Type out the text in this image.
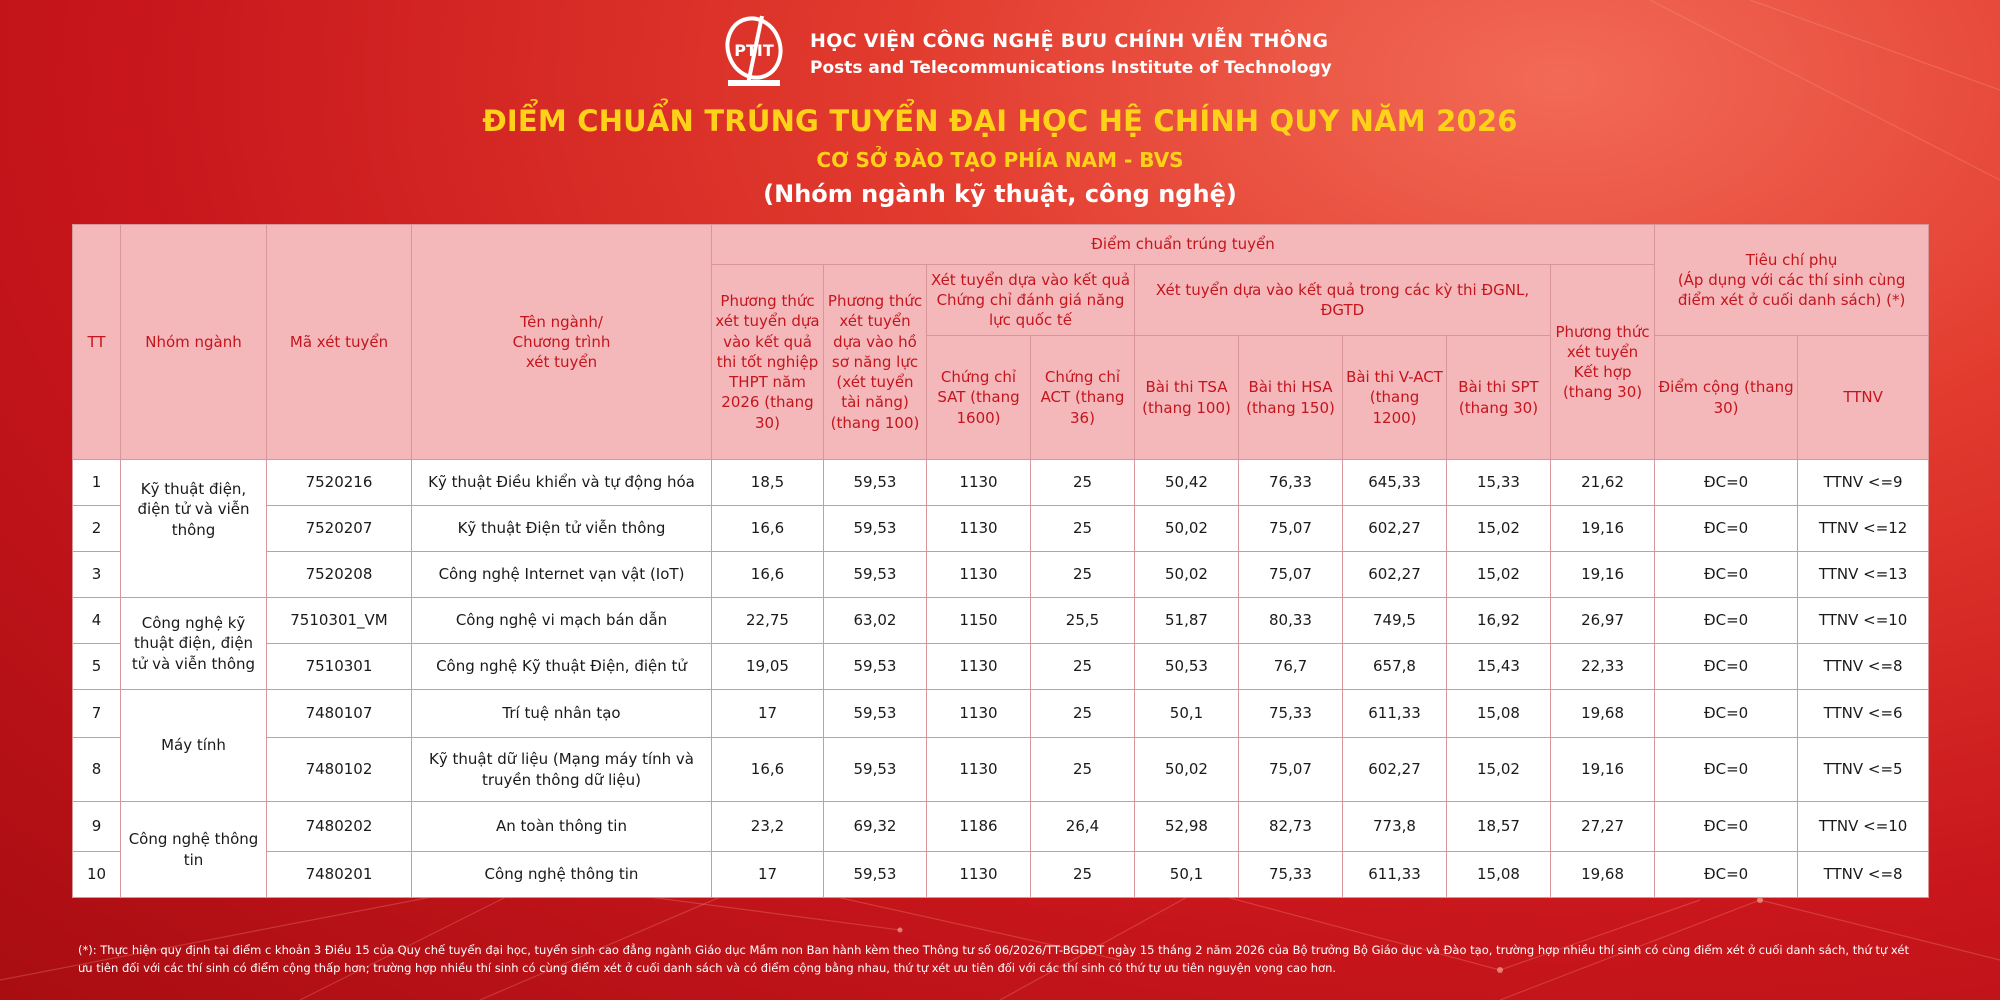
PTIT HỌC VIỆN CÔNG NGHỆ BƯU CHÍNH VIỄN THÔNG
Posts and Telecommunications Institute of Technology
ĐIỂM CHUẨN TRÚNG TUYỂN ĐẠI HỌC HỆ CHÍNH QUY NĂM 2026
CƠ SỞ ĐÀO TẠO PHÍA NAM - BVS
(Nhóm ngành kỹ thuật, công nghệ)
TT	Nhóm ngành	Mã xét tuyển	Tên ngành/
Chương trình
xét tuyển	Điểm chuẩn trúng tuyển									Tiêu chí phụ
(Áp dụng với các thí sinh cùng điểm xét ở cuối danh sách) (*)	
				Phương thức xét tuyển dựa vào kết quả thi tốt nghiệp THPT năm 2026 (thang 30)	Phương thức xét tuyển dựa vào hồ sơ năng lực (xét tuyển tài năng) (thang 100)	Xét tuyển dựa vào kết quả Chứng chỉ đánh giá năng lực quốc tế		Xét tuyển dựa vào kết quả trong các kỳ thi ĐGNL, ĐGTD				Phương thức xét tuyển Kết hợp (thang 30)		
						Chứng chỉ SAT (thang 1600)	Chứng chỉ ACT (thang 36)	Bài thi TSA (thang 100)	Bài thi HSA (thang 150)	Bài thi V-ACT (thang 1200)	Bài thi SPT (thang 30)		Điểm cộng (thang 30)	TTNV
1	Kỹ thuật điện, điện tử và viễn thông	7520216	Kỹ thuật Điều khiển và tự động hóa	18,5	59,53	1130	25	50,42	76,33	645,33	15,33	21,62	ĐC=0	TTNV <=9
2		7520207	Kỹ thuật Điện tử viễn thông	16,6	59,53	1130	25	50,02	75,07	602,27	15,02	19,16	ĐC=0	TTNV <=12
3		7520208	Công nghệ Internet vạn vật (IoT)	16,6	59,53	1130	25	50,02	75,07	602,27	15,02	19,16	ĐC=0	TTNV <=13
4	Công nghệ kỹ thuật điện, điện tử và viễn thông	7510301_VM	Công nghệ vi mạch bán dẫn	22,75	63,02	1150	25,5	51,87	80,33	749,5	16,92	26,97	ĐC=0	TTNV <=10
5		7510301	Công nghệ Kỹ thuật Điện, điện tử	19,05	59,53	1130	25	50,53	76,7	657,8	15,43	22,33	ĐC=0	TTNV <=8
7	Máy tính	7480107	Trí tuệ nhân tạo	17	59,53	1130	25	50,1	75,33	611,33	15,08	19,68	ĐC=0	TTNV <=6
8		7480102	Kỹ thuật dữ liệu (Mạng máy tính và truyền thông dữ liệu)	16,6	59,53	1130	25	50,02	75,07	602,27	15,02	19,16	ĐC=0	TTNV <=5
9	Công nghệ thông tin	7480202	An toàn thông tin	23,2	69,32	1186	26,4	52,98	82,73	773,8	18,57	27,27	ĐC=0	TTNV <=10
10		7480201	Công nghệ thông tin	17	59,53	1130	25	50,1	75,33	611,33	15,08	19,68	ĐC=0	TTNV <=8
(*): Thực hiện quy định tại điểm c khoản 3 Điều 15 của Quy chế tuyển đại học, tuyển sinh cao đẳng ngành Giáo dục Mầm non Ban hành kèm theo Thông tư số 06/2026/TT-BGDĐT ngày 15 tháng 2 năm 2026 của Bộ trưởng Bộ Giáo dục và Đào tạo, trường hợp nhiều thí sinh có cùng điểm xét ở cuối danh sách, thứ tự xét ưu tiên đối với các thí sinh có điểm cộng thấp hơn; trường hợp nhiều thí sinh có cùng điểm xét ở cuối danh sách và có điểm cộng bằng nhau, thứ tự xét ưu tiên đối với các thí sinh có thứ tự ưu tiên nguyện vọng cao hơn.
